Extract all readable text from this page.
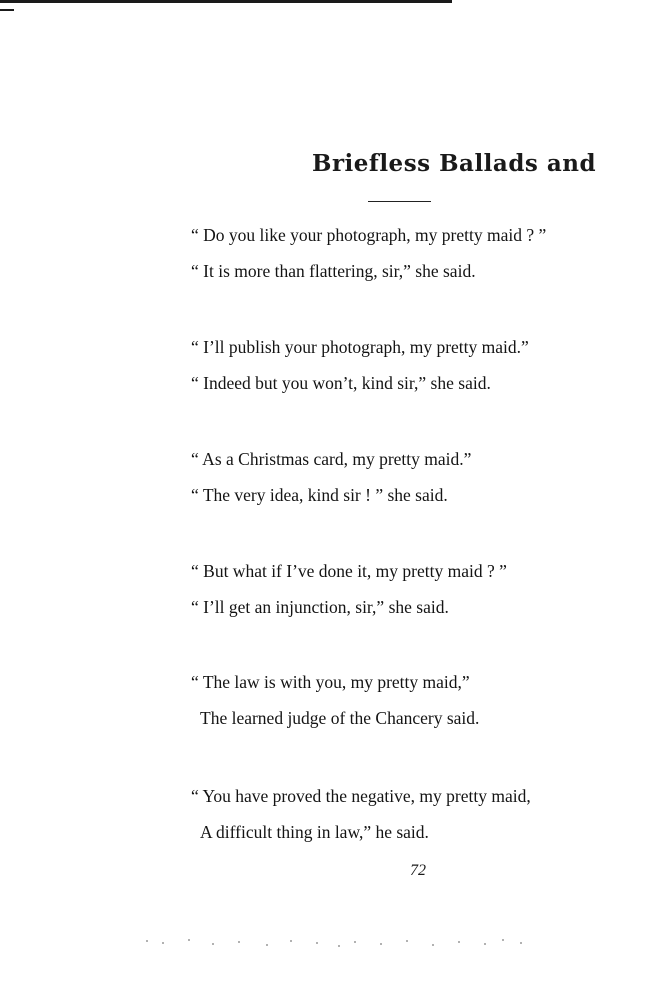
Briefless Ballads and
“ Do you like your photograph, my pretty maid ? ”
“ It is more than flattering, sir,” she said.
“ I’ll publish your photograph, my pretty maid.”
“ Indeed but you won’t, kind sir,” she said.
“ As a Christmas card, my pretty maid.”
“ The very idea, kind sir ! ” she said.
“ But what if I’ve done it, my pretty maid ? ”
“ I’ll get an injunction, sir,” she said.
“ The law is with you, my pretty maid,”
The learned judge of the Chancery said.
“ You have proved the negative, my pretty maid,
A difficult thing in law,” he said.
72
